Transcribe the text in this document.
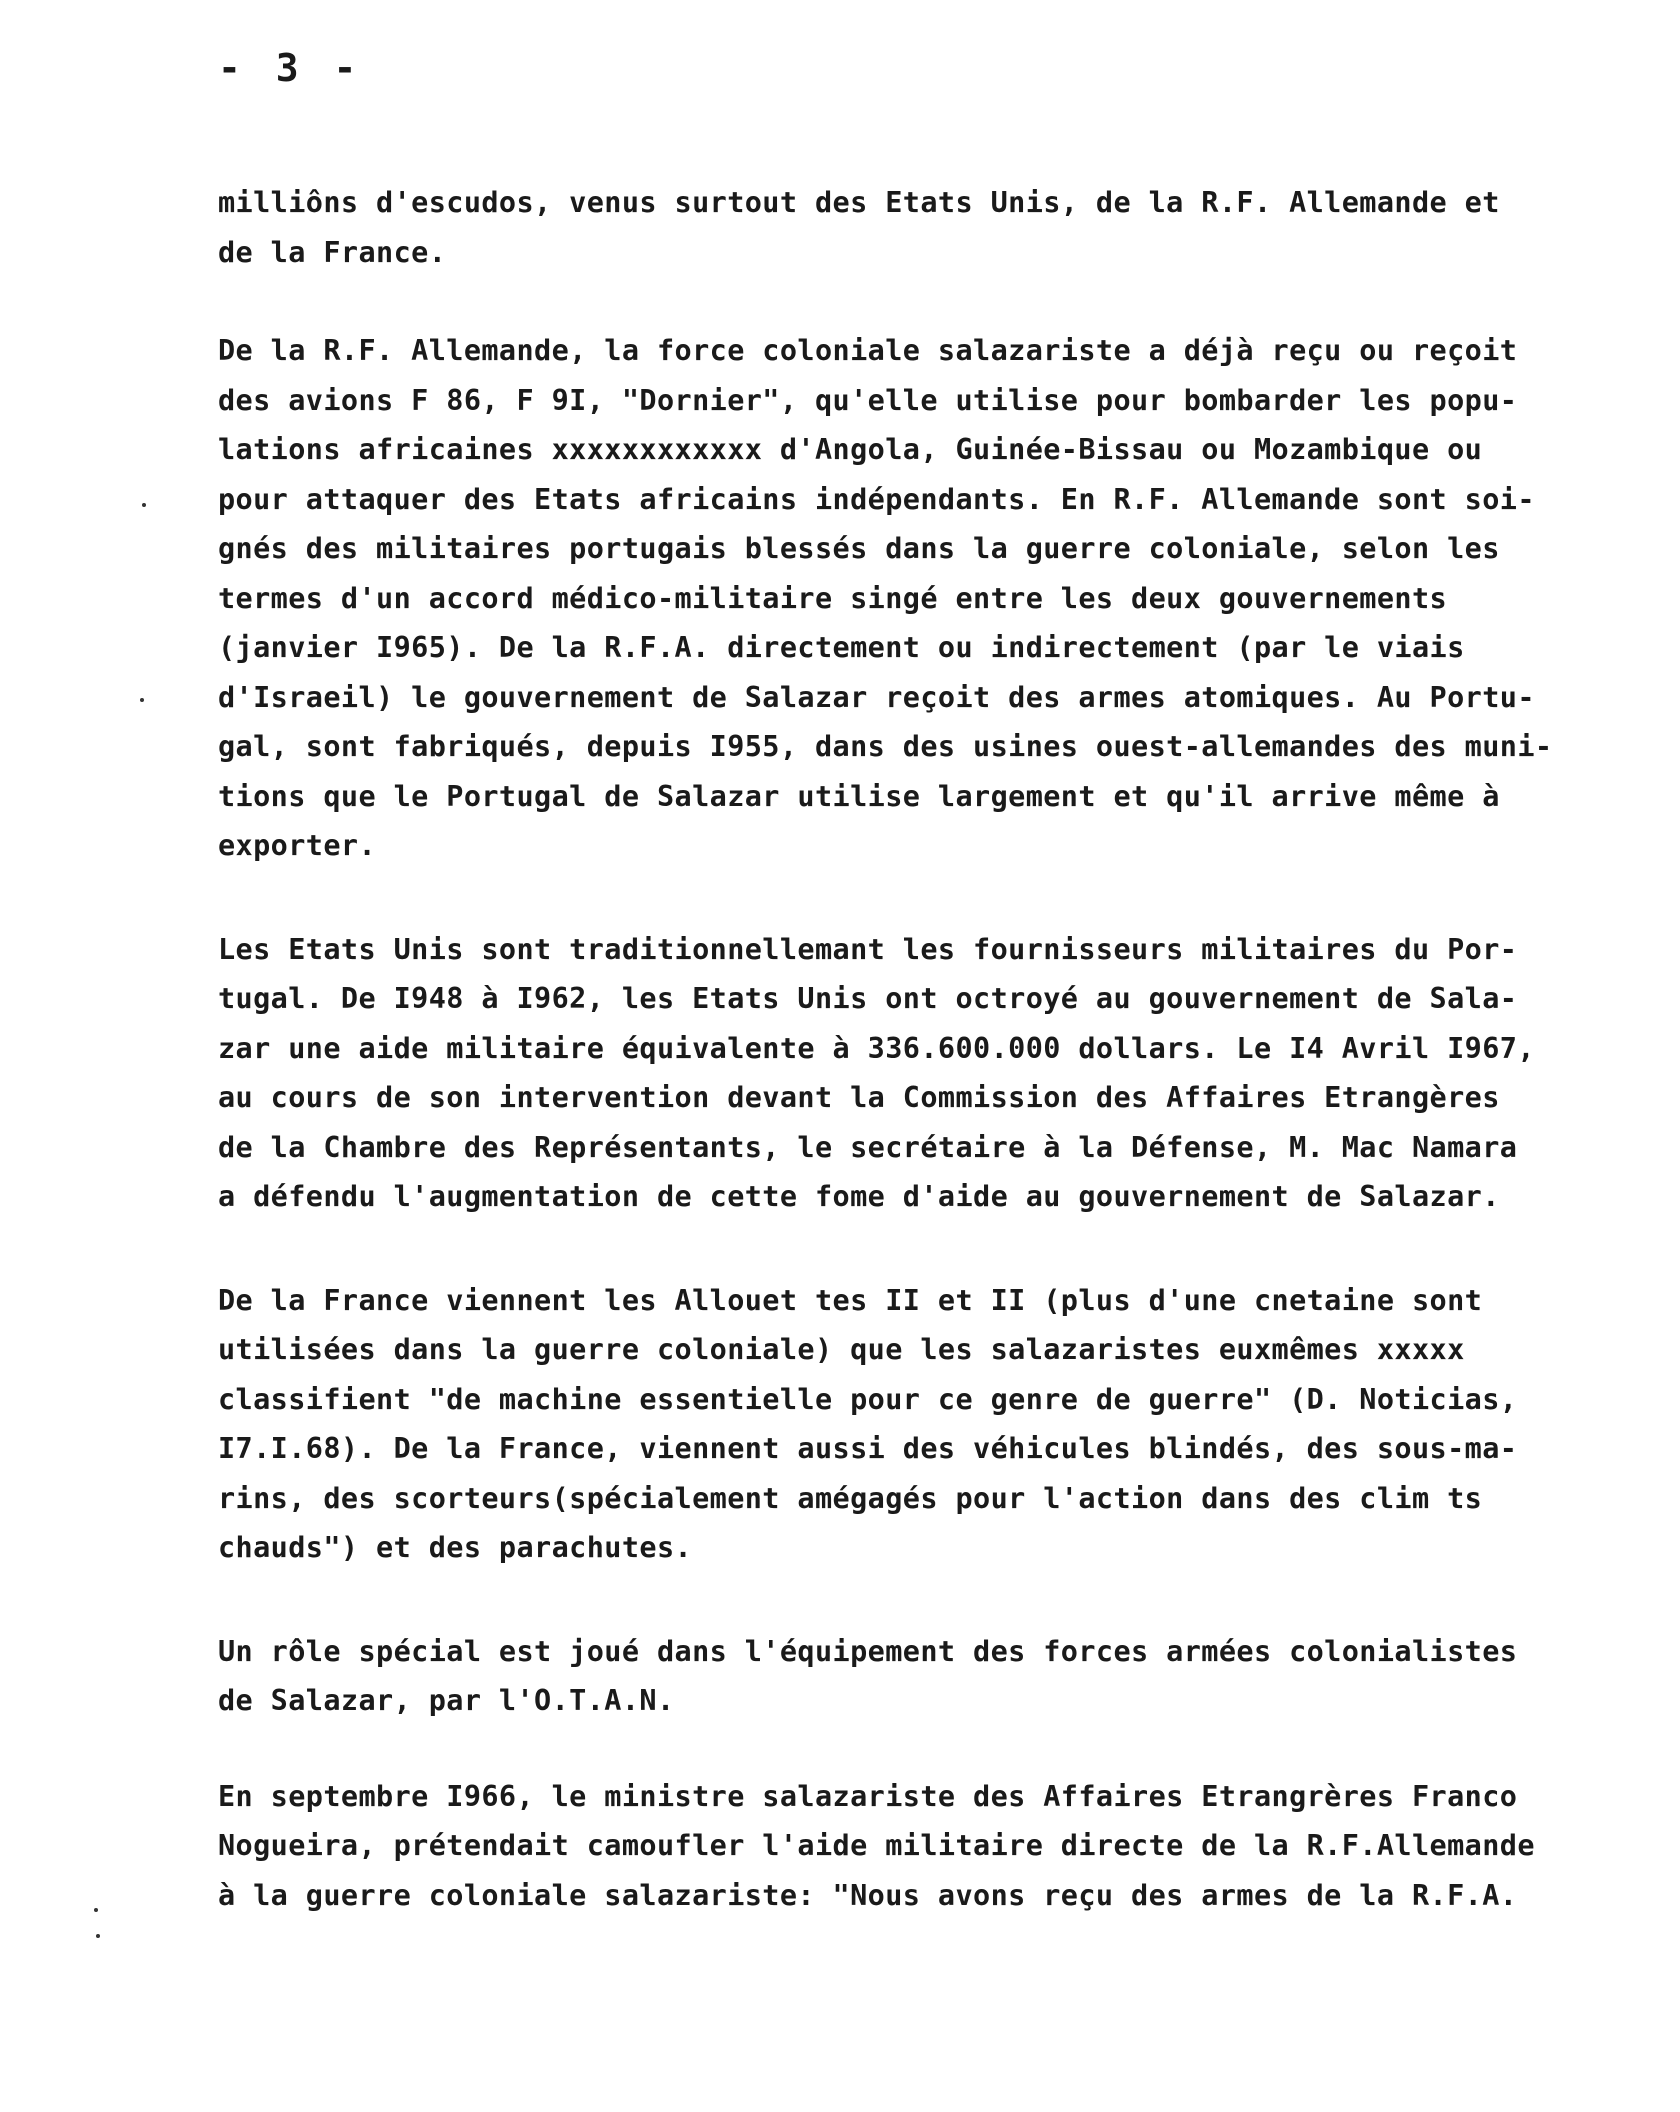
- 3 -
milliôns d'escudos, venus surtout des Etats Unis, de la R.F. Allemande et
de la France.
De la R.F. Allemande, la force coloniale salazariste a déjà reçu ou reçoit
des avions F 86, F 9I, "Dornier", qu'elle utilise pour bombarder les popu-
lations africaines xxxxxxxxxxxx d'Angola, Guinée-Bissau ou Mozambique ou
pour attaquer des Etats africains indépendants. En R.F. Allemande sont soi-
gnés des militaires portugais blessés dans la guerre coloniale, selon les
termes d'un accord médico-militaire singé entre les deux gouvernements
(janvier I965). De la R.F.A. directement ou indirectement (par le viais
d'Israeil) le gouvernement de Salazar reçoit des armes atomiques. Au Portu-
gal, sont fabriqués, depuis I955, dans des usines ouest-allemandes des muni-
tions que le Portugal de Salazar utilise largement et qu'il arrive même à
exporter.
Les Etats Unis sont traditionnellemant les fournisseurs militaires du Por-
tugal. De I948 à I962, les Etats Unis ont octroyé au gouvernement de Sala-
zar une aide militaire équivalente à 336.600.000 dollars. Le I4 Avril I967,
au cours de son intervention devant la Commission des Affaires Etrangères
de la Chambre des Représentants, le secrétaire à la Défense, M. Mac Namara
a défendu l'augmentation de cette fome d'aide au gouvernement de Salazar.
De la France viennent les Allouet tes II et II (plus d'une cnetaine sont
utilisées dans la guerre coloniale) que les salazaristes euxmêmes xxxxx
classifient "de machine essentielle pour ce genre de guerre" (D. Noticias,
I7.I.68). De la France, viennent aussi des véhicules blindés, des sous-ma-
rins, des scorteurs(spécialement amégagés pour l'action dans des clim ts
chauds") et des parachutes.
Un rôle spécial est joué dans l'équipement des forces armées colonialistes
de Salazar, par l'O.T.A.N.
En septembre I966, le ministre salazariste des Affaires Etrangrères Franco
Nogueira, prétendait camoufler l'aide militaire directe de la R.F.Allemande
à la guerre coloniale salazariste: "Nous avons reçu des armes de la R.F.A.
